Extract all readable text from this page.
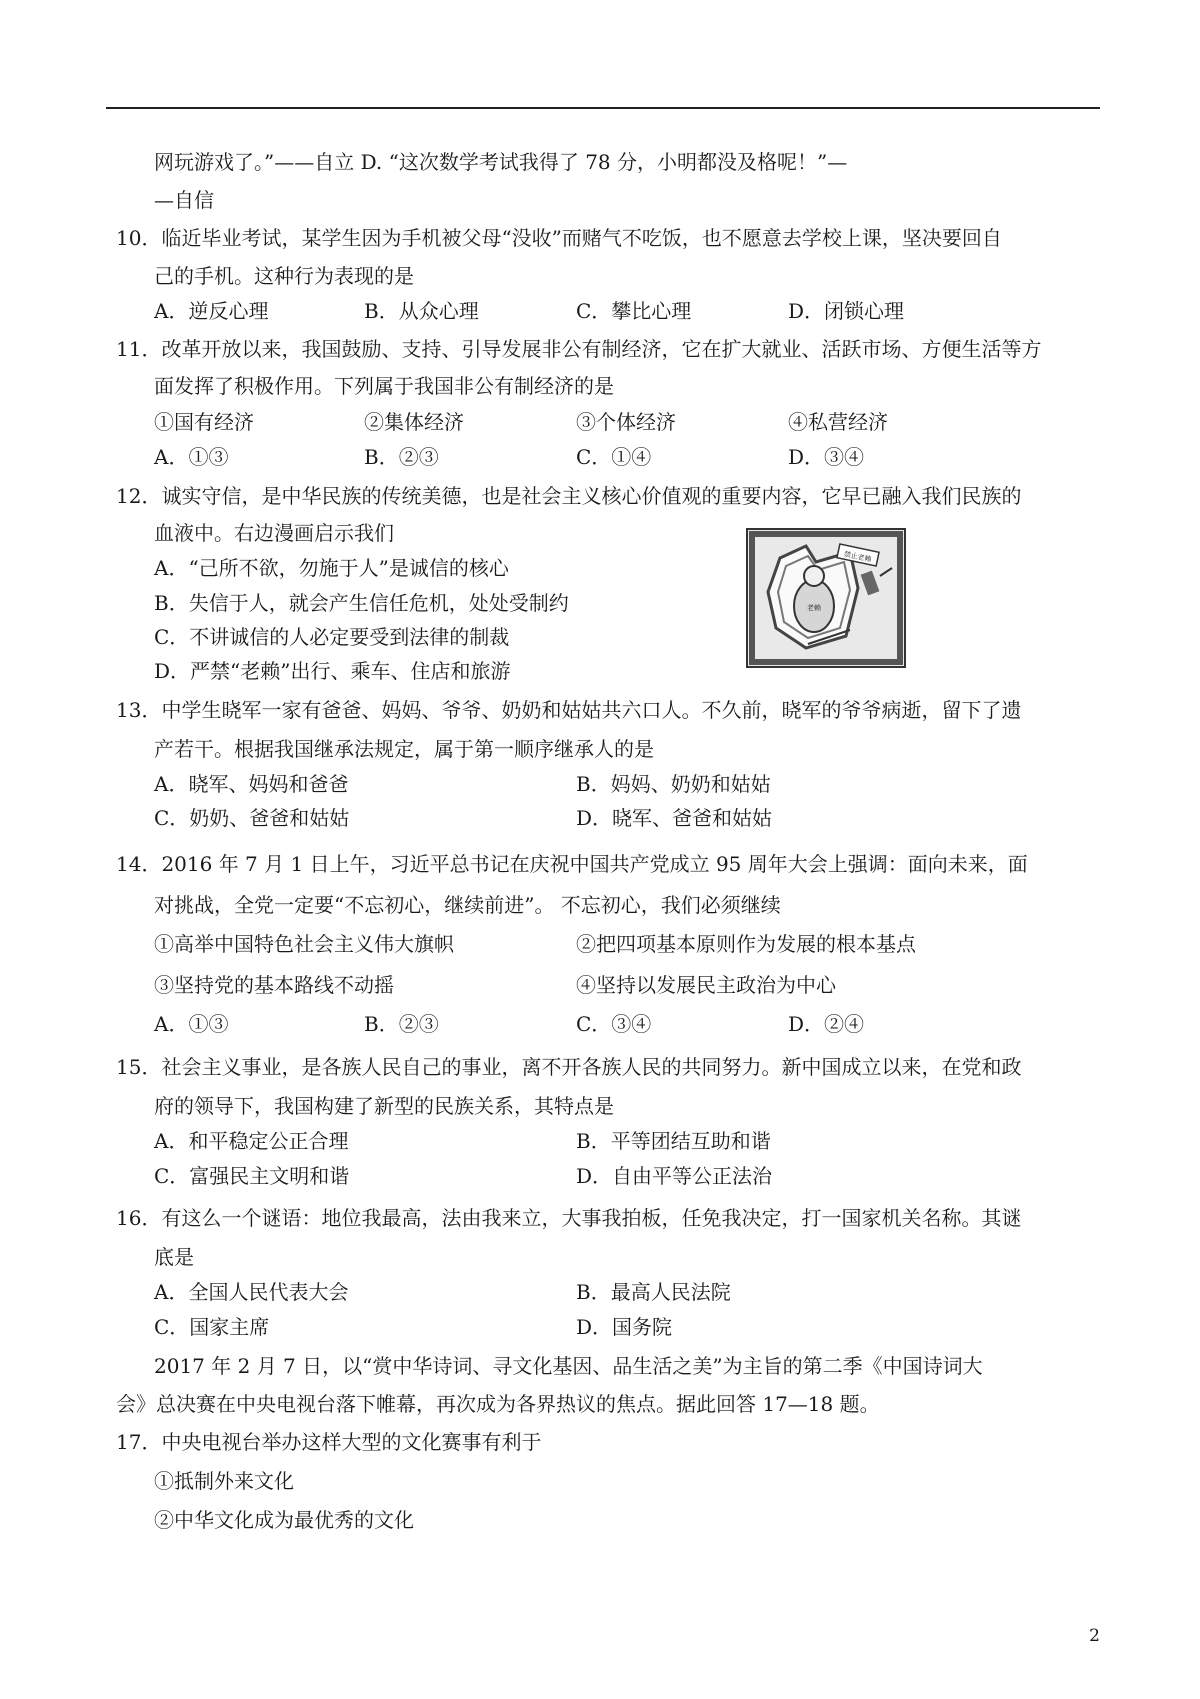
网玩游戏了。”——自立 D. “这次数学考试我得了 78 分，小明都没及格呢！”—
—自信
10．临近毕业考试，某学生因为手机被父母“没收”而赌气不吃饭，也不愿意去学校上课，坚决要回自
己的手机。这种行为表现的是
A．逆反心理	B．从众心理	C．攀比心理	D．闭锁心理
11．改革开放以来，我国鼓励、支持、引导发展非公有制经济，它在扩大就业、活跃市场、方便生活等方
面发挥了积极作用。下列属于我国非公有制经济的是
①国有经济	②集体经济	③个体经济	④私营经济
A．①③	B．②③	C．①④	D．③④
12．诚实守信，是中华民族的传统美德，也是社会主义核心价值观的重要内容，它早已融入我们民族的
血液中。右边漫画启示我们
A．“己所不欲，勿施于人”是诚信的核心
B．失信于人，就会产生信任危机，处处受制约
C．不讲诚信的人必定要受到法律的制裁
D．严禁“老赖”出行、乘车、住店和旅游
禁止老赖
老赖
13．中学生晓军一家有爸爸、妈妈、爷爷、奶奶和姑姑共六口人。不久前，晓军的爷爷病逝，留下了遗
产若干。根据我国继承法规定，属于第一顺序继承人的是
A．晓军、妈妈和爸爸	B．妈妈、奶奶和姑姑
C．奶奶、爸爸和姑姑	D．晓军、爸爸和姑姑
14．2016 年 7 月 1 日上午，习近平总书记在庆祝中国共产党成立 95 周年大会上强调：面向未来，面
对挑战，全党一定要“不忘初心，继续前进”。 不忘初心，我们必须继续
①高举中国特色社会主义伟大旗帜	②把四项基本原则作为发展的根本基点
③坚持党的基本路线不动摇	④坚持以发展民主政治为中心
A．①③	B．②③	C．③④	D．②④
15．社会主义事业，是各族人民自己的事业，离不开各族人民的共同努力。新中国成立以来，在党和政
府的领导下，我国构建了新型的民族关系，其特点是
A．和平稳定公正合理	B．平等团结互助和谐
C．富强民主文明和谐	D．自由平等公正法治
16．有这么一个谜语：地位我最高，法由我来立，大事我拍板，任免我决定，打一国家机关名称。其谜
底是
A．全国人民代表大会	B．最高人民法院
C．国家主席	D．国务院
2017 年 2 月 7 日，以“赏中华诗词、寻文化基因、品生活之美”为主旨的第二季《中国诗词大
会》总决赛在中央电视台落下帷幕，再次成为各界热议的焦点。据此回答 17—18 题。
17．中央电视台举办这样大型的文化赛事有利于
①抵制外来文化
②中华文化成为最优秀的文化
2
